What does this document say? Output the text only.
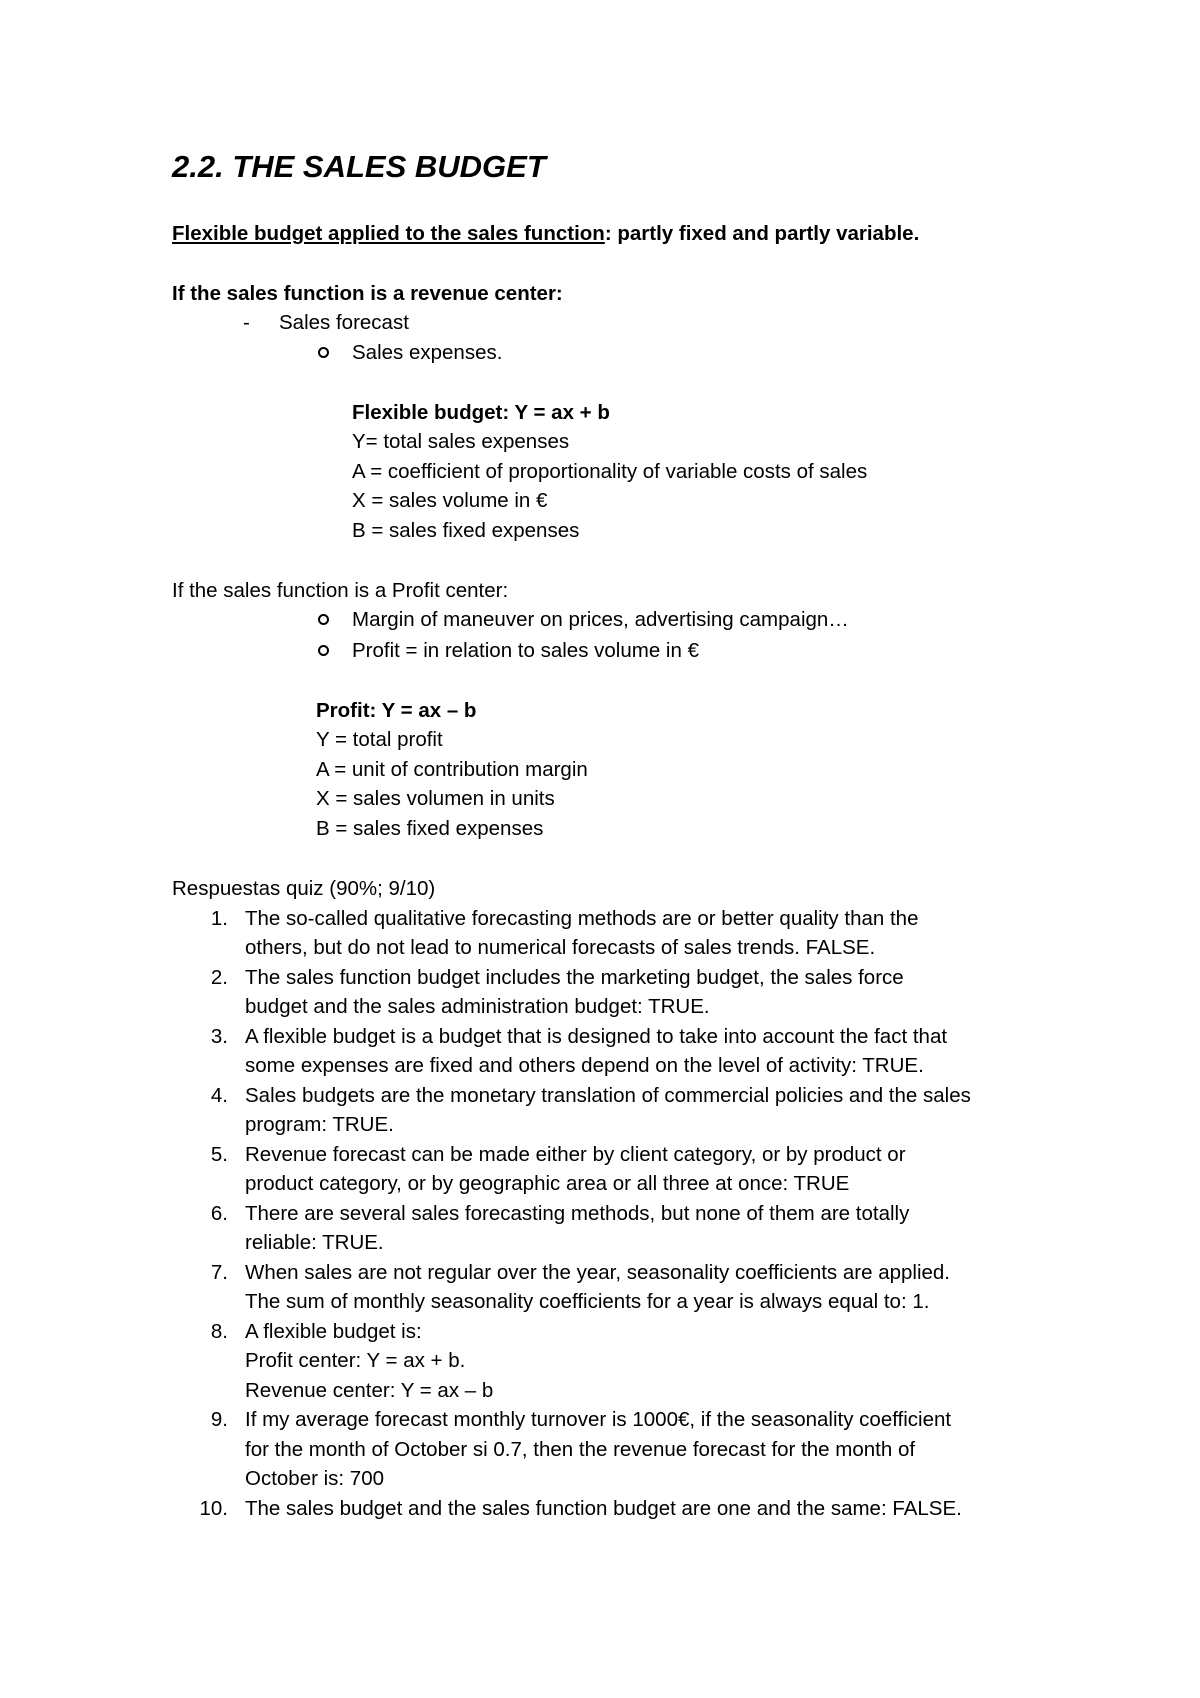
2.2. THE SALES BUDGET
Flexible budget applied to the sales function: partly fixed and partly variable.
If the sales function is a revenue center:
- Sales forecast
Sales expenses.
Flexible budget: Y = ax + b
Y= total sales expenses
A = coefficient of proportionality of variable costs of sales
X = sales volume in €
B = sales fixed expenses
If the sales function is a Profit center:
Margin of maneuver on prices, advertising campaign…
Profit = in relation to sales volume in €
Profit: Y = ax – b
Y = total profit
A = unit of contribution margin
X = sales volumen in units
B = sales fixed expenses
Respuestas quiz (90%; 9/10)
1. The so-called qualitative forecasting methods are or better quality than the
others, but do not lead to numerical forecasts of sales trends. FALSE.
2. The sales function budget includes the marketing budget, the sales force
budget and the sales administration budget: TRUE.
3. A flexible budget is a budget that is designed to take into account the fact that
some expenses are fixed and others depend on the level of activity: TRUE.
4. Sales budgets are the monetary translation of commercial policies and the sales
program: TRUE.
5. Revenue forecast can be made either by client category, or by product or
product category, or by geographic area or all three at once: TRUE
6. There are several sales forecasting methods, but none of them are totally
reliable: TRUE.
7. When sales are not regular over the year, seasonality coefficients are applied.
The sum of monthly seasonality coefficients for a year is always equal to: 1.
8. A flexible budget is:
Profit center: Y = ax + b.
Revenue center: Y = ax – b
9. If my average forecast monthly turnover is 1000€, if the seasonality coefficient
for the month of October si 0.7, then the revenue forecast for the month of
October is: 700
10. The sales budget and the sales function budget are one and the same: FALSE.
